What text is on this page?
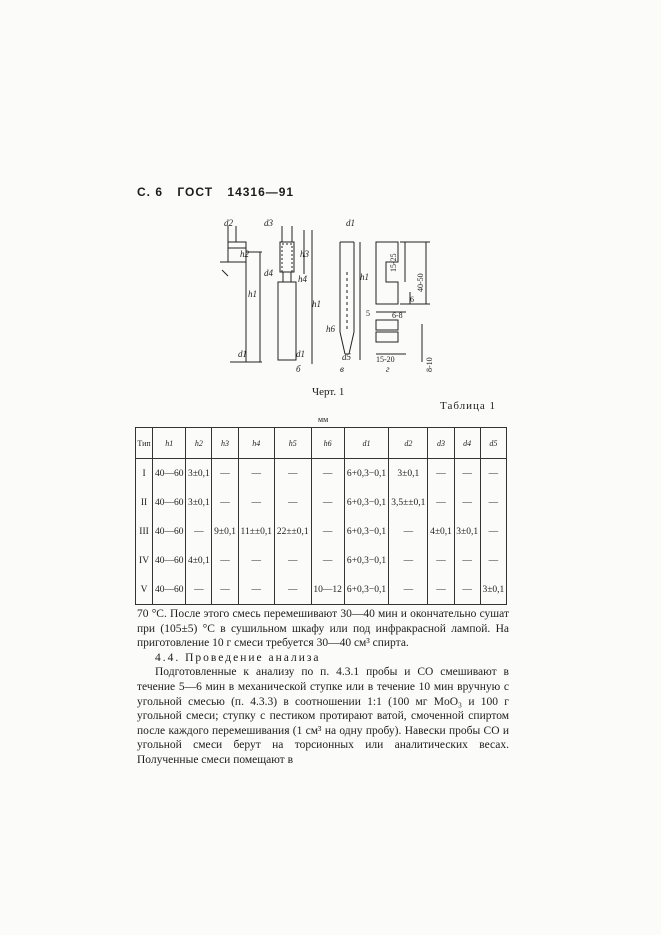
С. 6 ГОСТ 14316—91
d2
h2
h1
d1
d3
h3
h4
d4
h1
d1
б
d1
h1
h6
d5
в
15-25
40-50
6
6-8
15-20	8-10
5
г
Черт. 1
Таблица 1
мм
Тип	h1	h2	h3	h4	h5	h6	d1	d2	d3	d4	d5
I	40—60	3±0,1	—	—	—	—	6+0,3−0,1	3±0,1	—	—	—
II	40—60	3±0,1	—	—	—	—	6+0,3−0,1	3,5±±0,1	—	—	—
III	40—60	—	9±0,1	11±±0,1	22±±0,1	—	6+0,3−0,1	—	4±0,1	3±0,1	—
IV	40—60	4±0,1	—	—	—	—	6+0,3−0,1	—	—	—	—
V	40—60	—	—	—	—	10—12	6+0,3−0,1	—	—	—	3±0,1

70 °С. После этого смесь перемешивают 30—40 мин и окончательно сушат при (105±5) °С в сушильном шкафу или под инфракрасной лампой. На приготовление 10 г смеси требуется 30—40 см³ спирта.

4.4. Проведение анализа

Подготовленные к анализу по п. 4.3.1 пробы и СО смешивают в течение 5—6 мин в механической ступке или в течение 10 мин вручную с угольной смесью (п. 4.3.3) в соотношении 1:1 (100 мг MoO₃ и 100 г угольной смеси; ступку с пестиком протирают ватой, смоченной спиртом после каждого перемешивания (1 см³ на одну пробу). Навески пробы СО и угольной смеси берут на торсионных или аналитических весах. Полученные смеси помещают в
